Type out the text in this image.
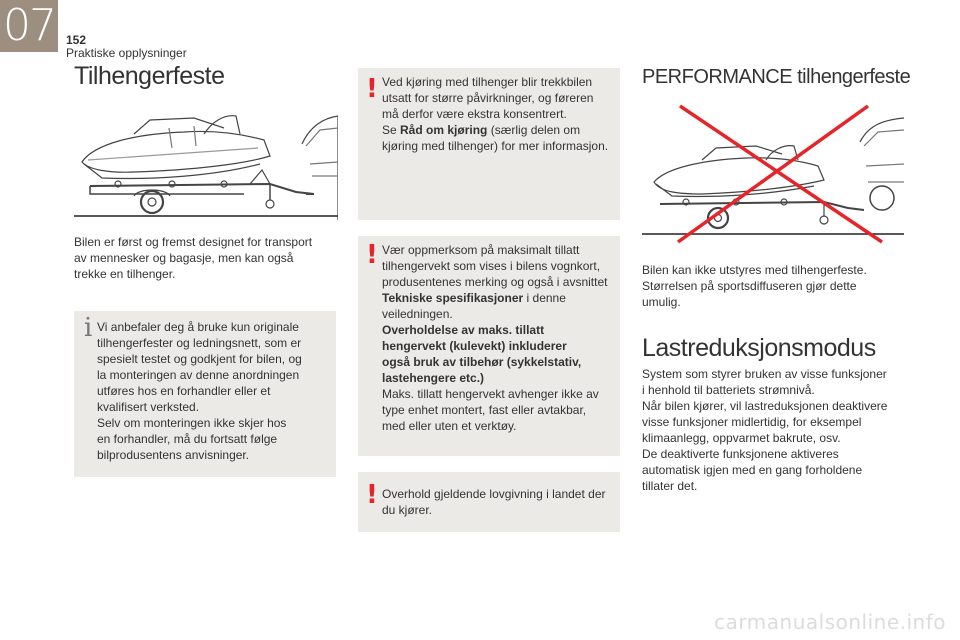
07 152
Praktiske opplysninger
Tilhengerfeste
Bilen er først og fremst designet for transport
av mennesker og bagasje, men kan også
trekke en tilhenger.
i Vi anbefaler deg å bruke kun originale
tilhengerfester og ledningsnett, som er
spesielt testet og godkjent for bilen, og
la monteringen av denne anordningen
utføres hos en forhandler eller et
kvalifisert verksted.
Selv om monteringen ikke skjer hos
en forhandler, må du fortsatt følge
bilprodusentens anvisninger.
! Ved kjøring med tilhenger blir trekkbilen
utsatt for større påvirkninger, og føreren
må derfor være ekstra konsentrert.
Se Råd om kjøring (særlig delen om
kjøring med tilhenger) for mer informasjon.
! Vær oppmerksom på maksimalt tillatt
tilhengervekt som vises i bilens vognkort,
produsentenes merking og også i avsnittet
Tekniske spesifikasjoner i denne
veiledningen.
Overholdelse av maks. tillatt
hengervekt (kulevekt) inkluderer
også bruk av tilbehør (sykkelstativ,
lastehengere etc.)
Maks. tillatt hengervekt avhenger ikke av
type enhet montert, fast eller avtakbar,
med eller uten et verktøy.
! Overhold gjeldende lovgivning i landet der
du kjører.
PERFORMANCE tilhengerfeste
Bilen kan ikke utstyres med tilhengerfeste.
Størrelsen på sportsdiffuseren gjør dette
umulig.
Lastreduksjonsmodus
System som styrer bruken av visse funksjoner
i henhold til batteriets strømnivå.
Når bilen kjører, vil lastreduksjonen deaktivere
visse funksjoner midlertidig, for eksempel
klimaanlegg, oppvarmet bakrute, osv.
De deaktiverte funksjonene aktiveres
automatisk igjen med en gang forholdene
tillater det.
carmanualsonline.info
